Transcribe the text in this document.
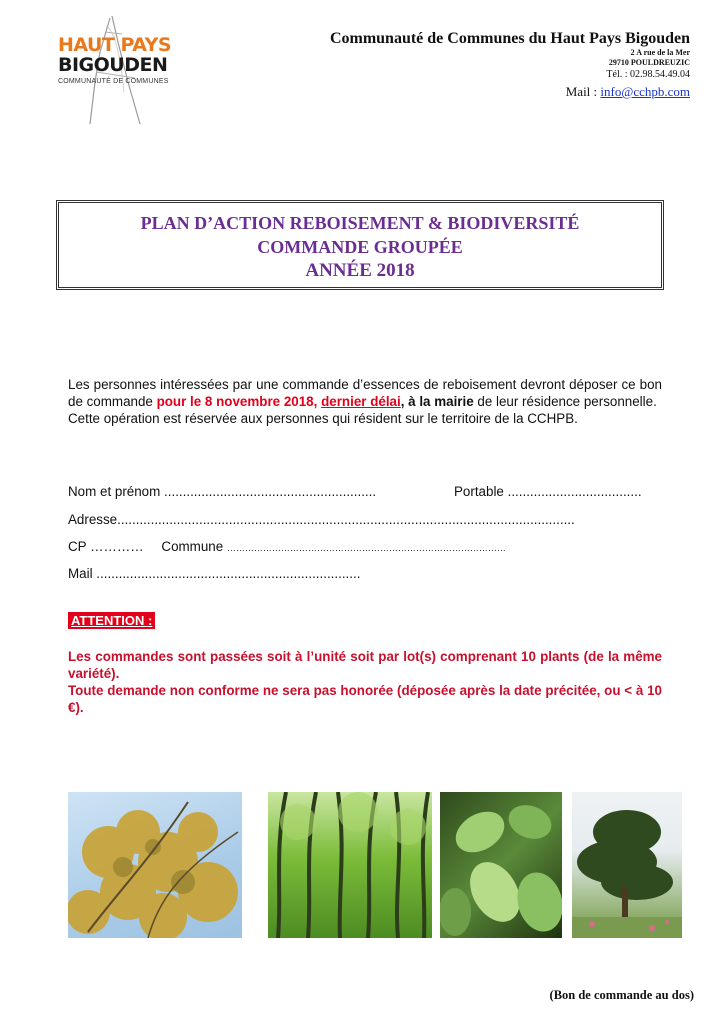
HAUT PAYS
BIGOUDEN
COMMUNAUTÉ DE COMMUNES
Communauté de Communes du Haut Pays Bigouden
2 A rue de la Mer
29710 POULDREUZIC
Tél. : 02.98.54.49.04
Mail : info@cchpb.com
PLAN D’ACTION REBOISEMENT & BIODIVERSITÉ
COMMANDE GROUPÉE
ANNÉE 2018

Les personnes intéressées par une commande d’essences de reboisement devront déposer ce bon de commande pour le 8 novembre 2018, dernier délai, à la mairie de leur résidence personnelle.

Cette opération est réservée aux personnes qui résident sur le territoire de la CCHPB.

Nom et prénom .........................................................	Portable ....................................
Adresse...........................................................................................................................
CP ………… Commune …………………………………………………………………………………
Mail .......................................................................
ATTENTION :

Les commandes sont passées soit à l’unité soit par lot(s) comprenant 10 plants (de la même variété).

Toute demande non conforme ne sera pas honorée (déposée après la date précitée, ou < à 10 €).

(Bon de commande au dos)
